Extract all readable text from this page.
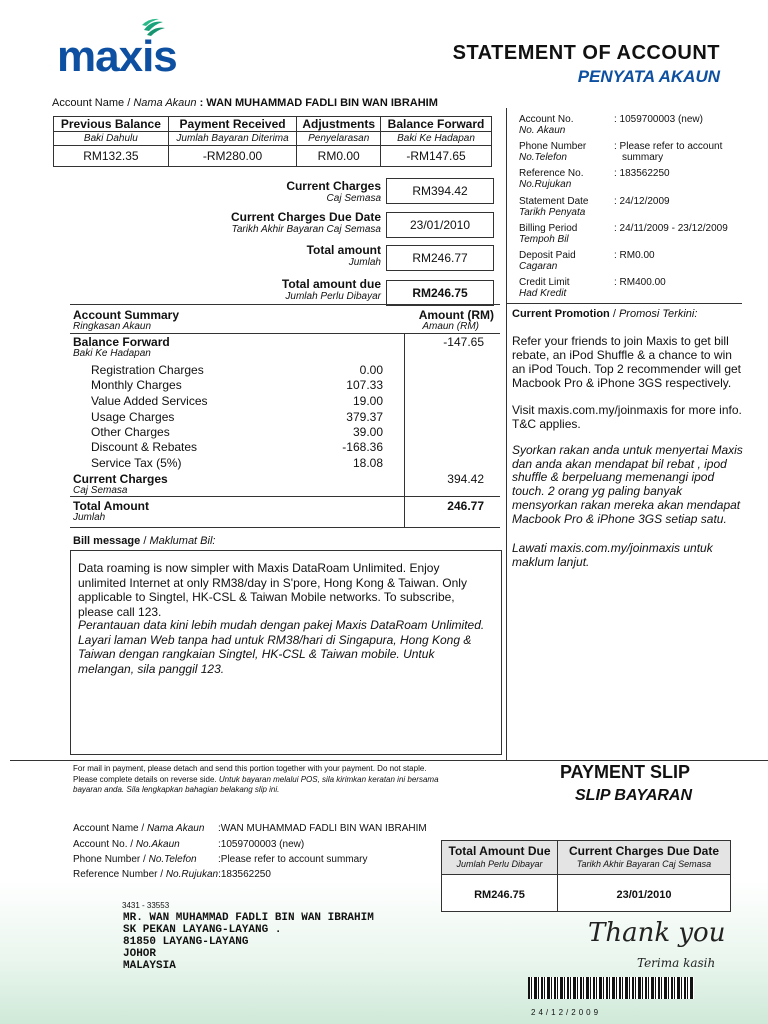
maxis	STATEMENT OF ACCOUNT
PENYATA AKAUN
Account Name / Nama Akaun : WAN MUHAMMAD FADLI BIN WAN IBRAHIM
Previous Balance	Payment Received	Adjustments	Balance Forward
Baki Dahulu	Jumlah Bayaran Diterima	Penyelarasan	Baki Ke Hadapan
RM132.35	-RM280.00	RM0.00	-RM147.65
Current Charges
Caj Semasa
RM394.42
Current Charges Due Date
Tarikh Akhir Bayaran Caj Semasa	23/01/2010
Total amount
Jumlah	RM246.77
Total amount due
Jumlah Perlu Dibayar	RM246.75
Account No.
No. Akaun
: 1059700003 (new)
Phone Number
No.Telefon
: Please refer to account
summary
Reference No.
No.Rujukan
: 183562250
Statement Date
Tarikh Penyata
: 24/12/2009
Billing Period
Tempoh Bil
: 24/11/2009 - 23/12/2009
Deposit Paid
Cagaran
: RM0.00
Credit Limit
Had Kredit
: RM400.00
Account Summary
Ringkasan Akaun
Amount (RM)
Amaun (RM)
Balance Forward
Baki Ke Hadapan
-147.65
Registration Charges	0.00
Monthly Charges	107.33
Value Added Services	19.00
Usage Charges	379.37
Other Charges	39.00
Discount & Rebates	-168.36
Service Tax (5%)	18.08
Current Charges
Caj Semasa
394.42
Total Amount
Jumlah
246.77
Current Promotion / Promosi Terkini:
Refer your friends to join Maxis to get bill rebate, an iPod Shuffle & a chance to win an iPod Touch. Top 2 recommender will get Macbook Pro & iPhone 3GS respectively.
Visit maxis.com.my/joinmaxis for more info. T&C applies.
Syorkan rakan anda untuk menyertai Maxis dan anda akan mendapat bil rebat , ipod shuffle & berpeluang memenangi ipod touch. 2 orang yg paling banyak mensyorkan rakan mereka akan mendapat Macbook Pro & iPhone 3GS setiap satu.
Lawati maxis.com.my/joinmaxis untuk maklum lanjut.
Bill message / Maklumat Bil:
Data roaming is now simpler with Maxis DataRoam Unlimited. Enjoy unlimited Internet at only RM38/day in S'pore, Hong Kong & Taiwan. Only applicable to Singtel, HK-CSL & Taiwan Mobile networks. To subscribe, please call 123.
Perantauan data kini lebih mudah dengan pakej Maxis DataRoam Unlimited. Layari laman Web tanpa had untuk RM38/hari di Singapura, Hong Kong & Taiwan dengan rangkaian Singtel, HK-CSL & Taiwan mobile. Untuk melangan, sila panggil 123.
For mail in payment, please detach and send this portion together with your payment. Do not staple. Please complete details on reverse side. Untuk bayaran melalui POS, sila kirimkan keratan ini bersama bayaran anda. Sila lengkapkan bahagian belakang slip ini.
PAYMENT SLIP
SLIP BAYARAN
Account Name / Nama Akaun :WAN MUHAMMAD FADLI BIN WAN IBRAHIM
Account No. / No.Akaun	:1059700003 (new)
Phone Number / No.Telefon :Please refer to account summary
Reference Number / No.Rujukan:183562250
Total Amount Due
Jumlah Perlu Dibayar
Current Charges Due Date
Tarikh Akhir Bayaran Caj Semasa
RM246.75	23/01/2010
3431 - 33553
MR. WAN MUHAMMAD FADLI BIN WAN IBRAHIM
SK PEKAN LAYANG-LAYANG .
81850 LAYANG-LAYANG
JOHOR
MALAYSIA
Thank you
Terima kasih
24/12/2009
